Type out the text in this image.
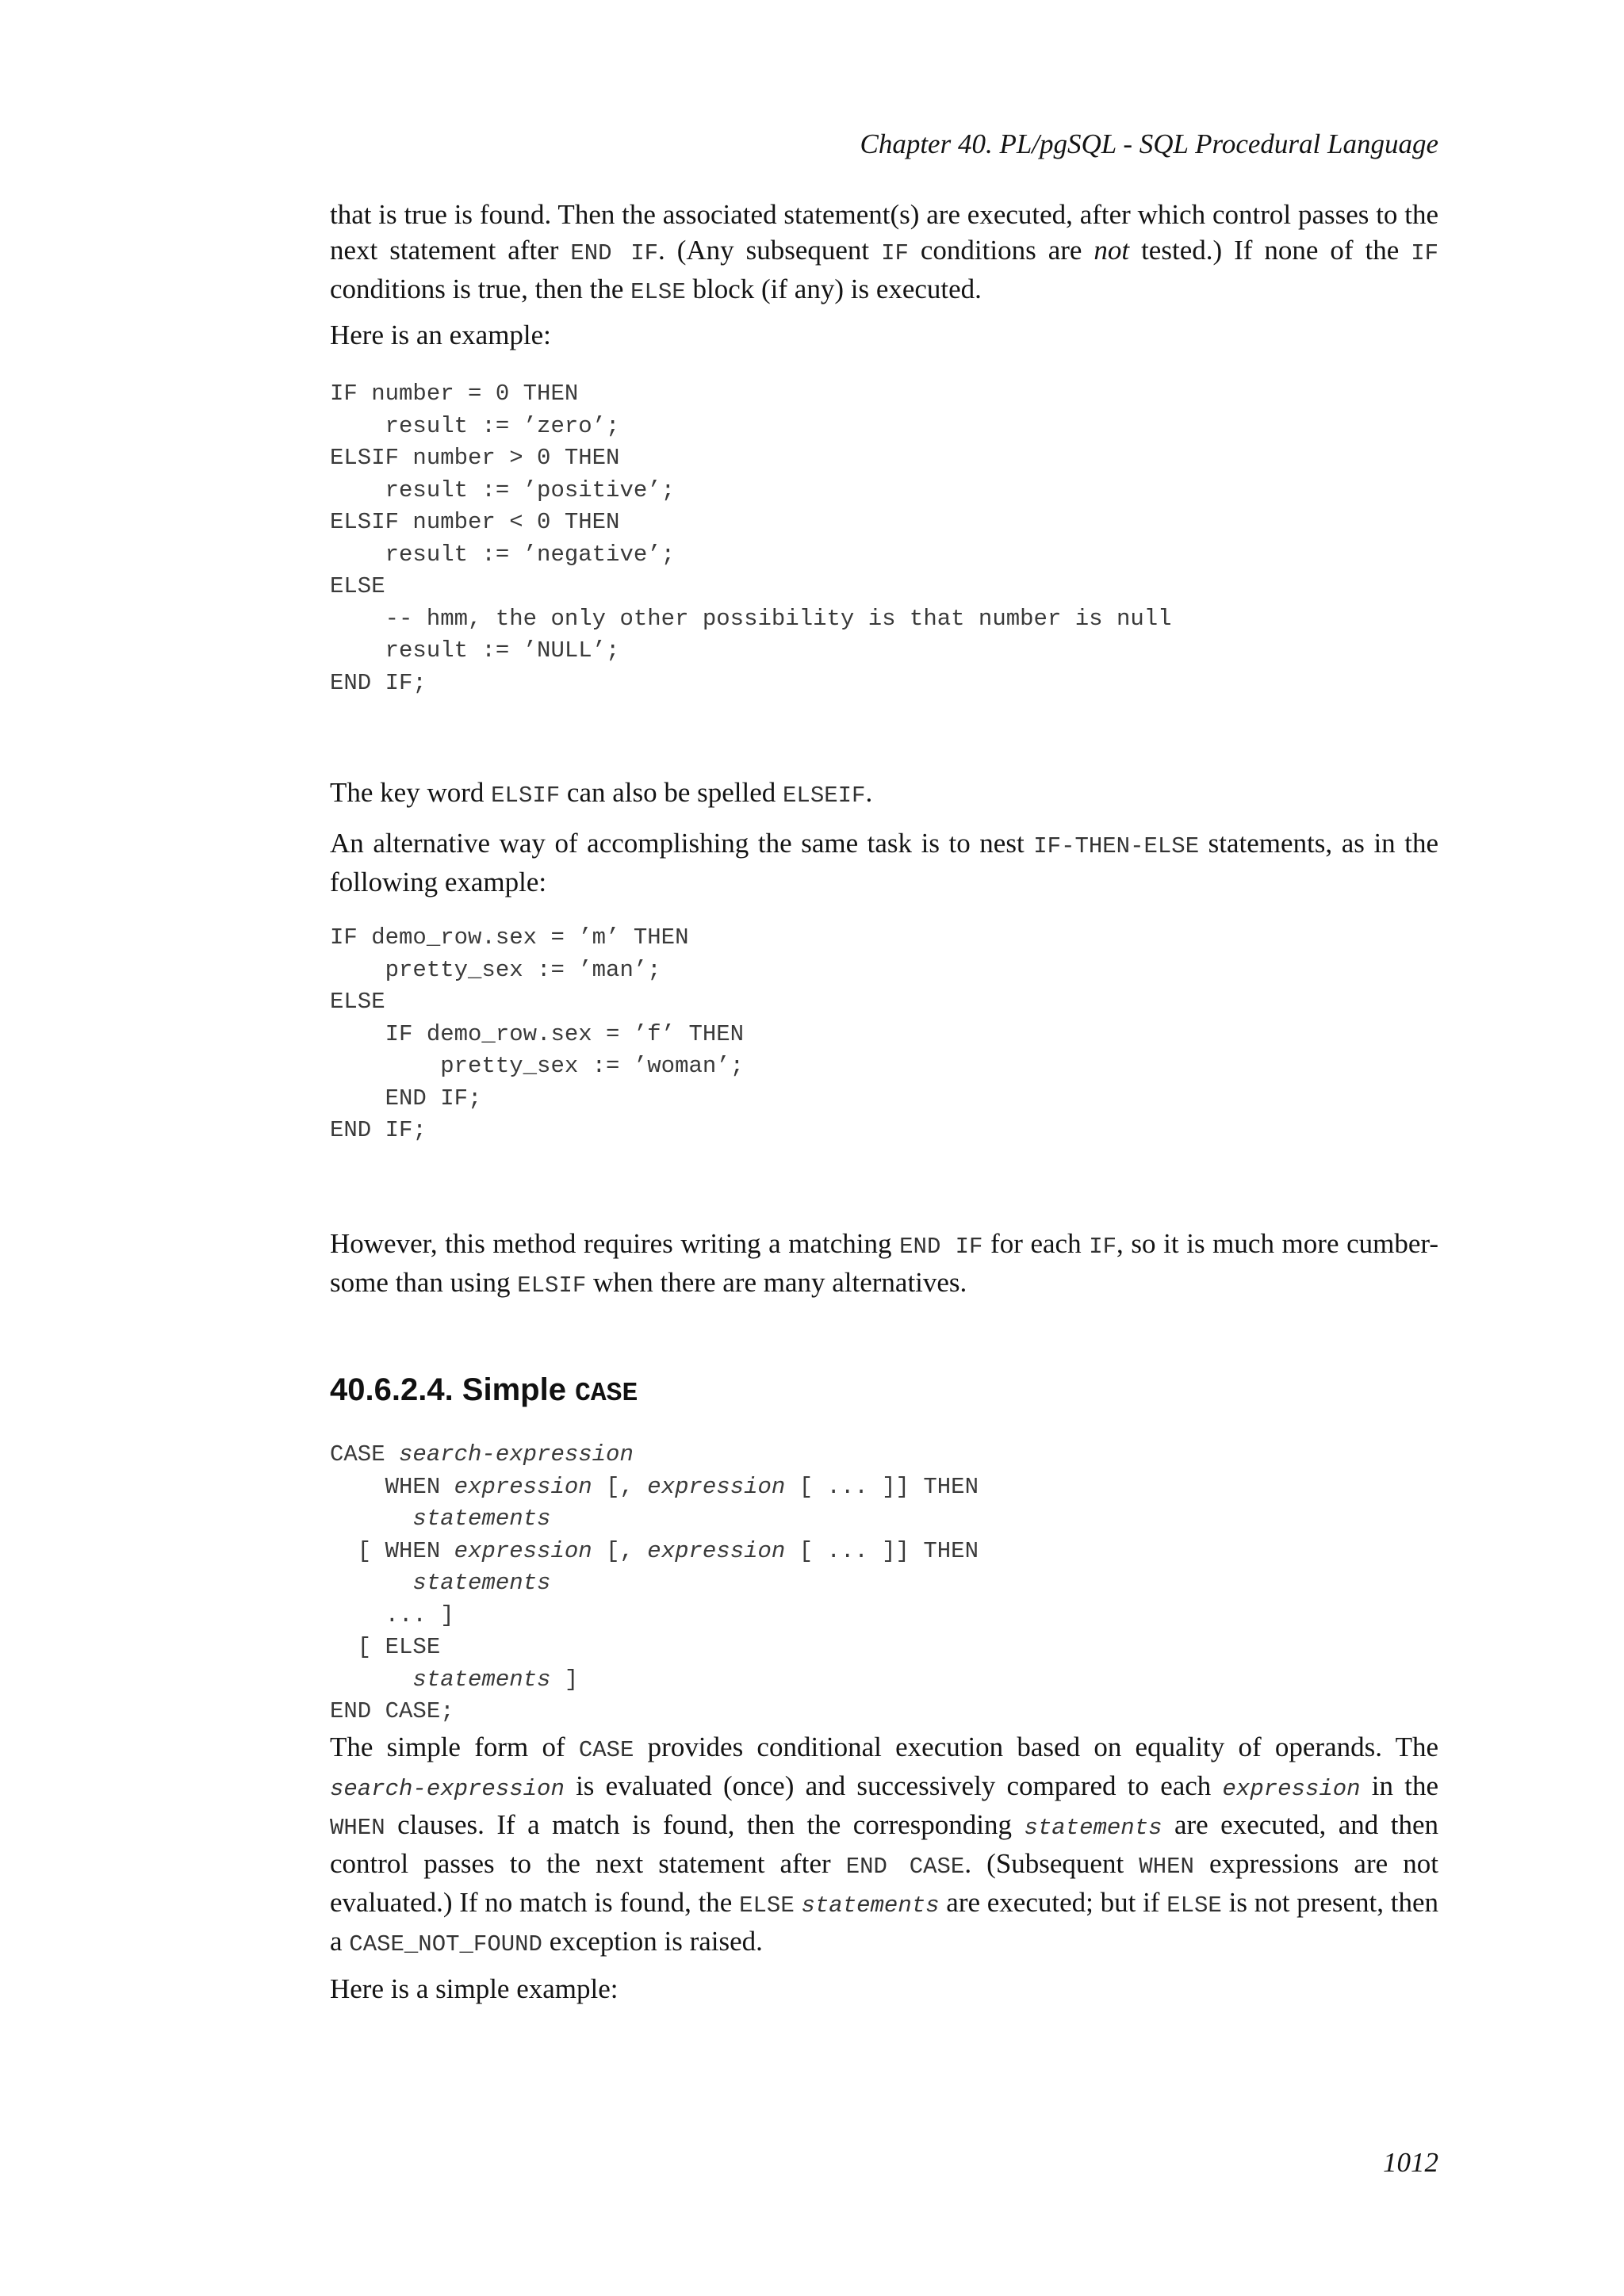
Chapter 40. PL/pgSQL - SQL Procedural Language

that is true is found. Then the associated statement(s) are executed, after which control passes to the next statement after END IF. (Any subsequent IF conditions are not tested.) If none of the IF conditions is true, then the ELSE block (if any) is executed.

Here is an example:

IF number = 0 THEN
result := ’zero’;
ELSIF number > 0 THEN
result := ’positive’;
ELSIF number < 0 THEN
result := ’negative’;
ELSE
-- hmm, the only other possibility is that number is null
result := ’NULL’;
END IF;

The key word ELSIF can also be spelled ELSEIF.

An alternative way of accomplishing the same task is to nest IF-THEN-ELSE statements, as in the following example:

IF demo_row.sex = ’m’ THEN
pretty_sex := ’man’;
ELSE
IF demo_row.sex = ’f’ THEN
pretty_sex := ’woman’;
END IF;
END IF;

However, this method requires writing a matching END IF for each IF, so it is much more cumber-some than using ELSIF when there are many alternatives.

40.6.2.4. Simple CASE
CASE search-expression
WHEN expression [, expression [ ... ]] THEN
statements
[ WHEN expression [, expression [ ... ]] THEN
statements
... ]
[ ELSE
statements ]
END CASE;

The simple form of CASE provides conditional execution based on equality of operands. The search-expression is evaluated (once) and successively compared to each expression in the WHEN clauses. If a match is found, then the corresponding statements are executed, and then control passes to the next statement after END CASE. (Subsequent WHEN expressions are not evaluated.) If no match is found, the ELSE statements are executed; but if ELSE is not present, then a CASE_NOT_FOUND exception is raised.

Here is a simple example:

1012
